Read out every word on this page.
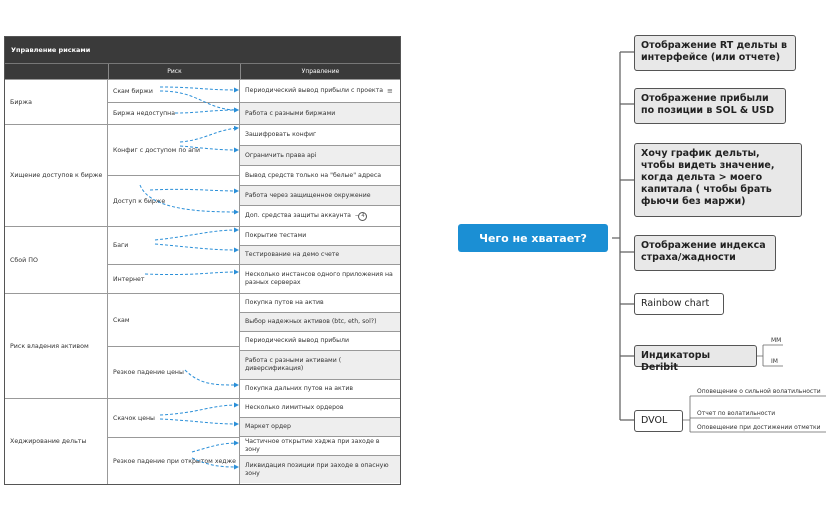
Управление рисками
Риск	Управление
Биржа
Скам биржи
Биржа недоступна
Периодический вывод прибыли с проекта ≡
Работа с разными биржами
Хищение доступов к бирже
Конфиг с доступом по апи
Доступ к бирже
Зашифровать конфиг
Ограничить права api
Вывод средств только на "белые" адреса
Работа через защищенное окружение
Доп. средства защиты аккаунта – 4
Сбой ПО
Баги
Интернет
Покрытие тестами
Тестирование на демо счете
Несколько инстансов одного приложения на разных серверах
Риск владения активом
Скам
Резкое падение цены
Покупка путов на актив
Выбор надежных активов (btc, eth, sol?)
Периодический вывод прибыли
Работа с разными активами ( диверсификация)
Покупка дальних путов на актив
Хеджирование дельты
Скачок цены
Резкое падение при открытом хедже
Несколько лимитных ордеров
Маркет ордер
Частичное открытие хэджа при заходе в зону
Ликвидация позиции при заходе в опасную зону
Чего не хватает?
Отображение RT дельты в интерфейсе (или отчете)
Отображение прибыли по позиции в SOL & USD
Хочу график дельты, чтобы видеть значение, когда дельта > моего капитала ( чтобы брать фьючи без маржи)
Отображение индекса страха/жадности
Rainbow chart
Индикаторы Deribit
DVOL
MM
IM
Оповещение о сильной волатильности
Отчет по волатильности
Оповещение при достижении отметки
